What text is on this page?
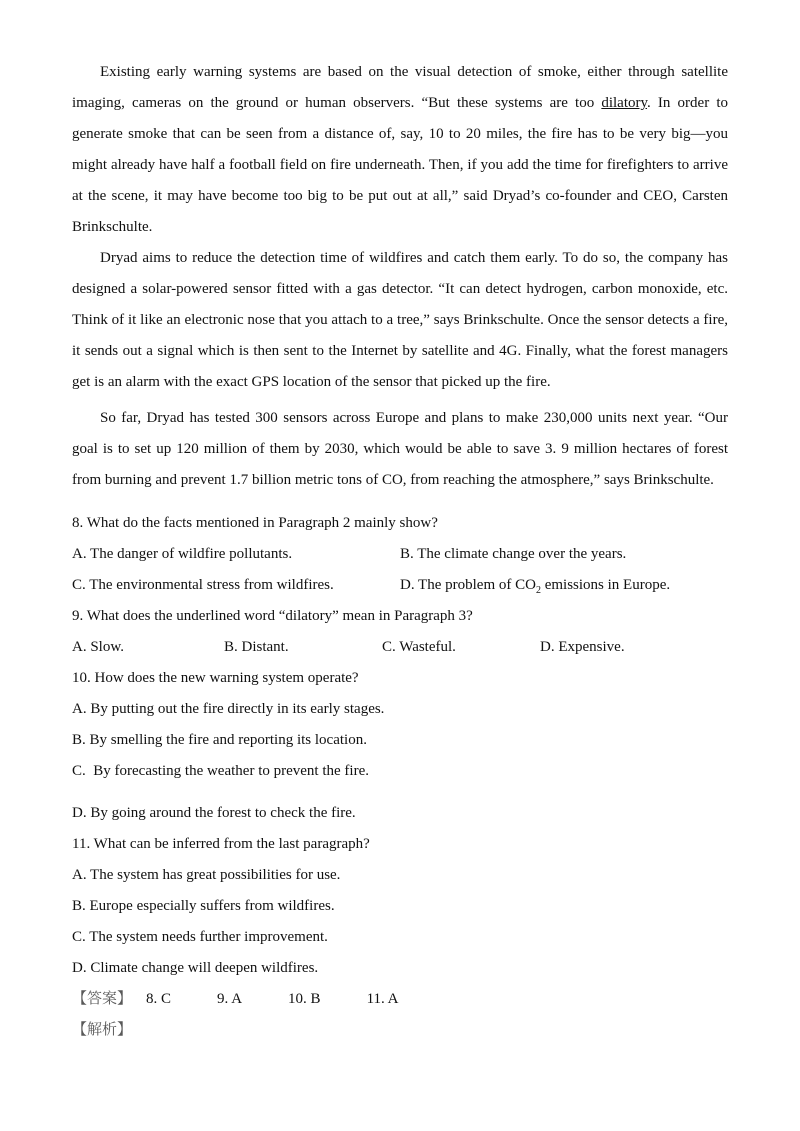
Existing early warning systems are based on the visual detection of smoke, either through satellite imaging, cameras on the ground or human observers. “But these systems are too dilatory. In order to generate smoke that can be seen from a distance of, say, 10 to 20 miles, the fire has to be very big—you might already have half a football field on fire underneath. Then, if you add the time for firefighters to arrive at the scene, it may have become too big to be put out at all,” said Dryad’s co-founder and CEO, Carsten Brinkschulte.

Dryad aims to reduce the detection time of wildfires and catch them early. To do so, the company has designed a solar-powered sensor fitted with a gas detector. “It can detect hydrogen, carbon monoxide, etc. Think of it like an electronic nose that you attach to a tree,” says Brinkschulte. Once the sensor detects a fire, it sends out a signal which is then sent to the Internet by satellite and 4G. Finally, what the forest managers get is an alarm with the exact GPS location of the sensor that picked up the fire.

So far, Dryad has tested 300 sensors across Europe and plans to make 230,000 units next year. “Our goal is to set up 120 million of them by 2030, which would be able to save 3. 9 million hectares of forest from burning and prevent 1.7 billion metric tons of CO, from reaching the atmosphere,” says Brinkschulte.

8. What do the facts mentioned in Paragraph 2 mainly show?
A. The danger of wildfire pollutants.	B. The climate change over the years.
C. The environmental stress from wildfires.	D. The problem of $CO_2$ emissions in Europe.
9. What does the underlined word “dilatory” mean in Paragraph 3?
A. Slow.	B. Distant.	C. Wasteful.	D. Expensive.
10. How does the new warning system operate?
A. By putting out the fire directly in its early stages.
B. By smelling the fire and reporting its location.
C.  By forecasting the weather to prevent the fire.
D. By going around the forest to check the fire.
11. What can be inferred from the last paragraph?
A. The system has great possibilities for use.
B. Europe especially suffers from wildfires.
C. The system needs further improvement.
D. Climate change will deepen wildfires.
【答案】 8. C	9. A	10. B	11. A
【解析】
